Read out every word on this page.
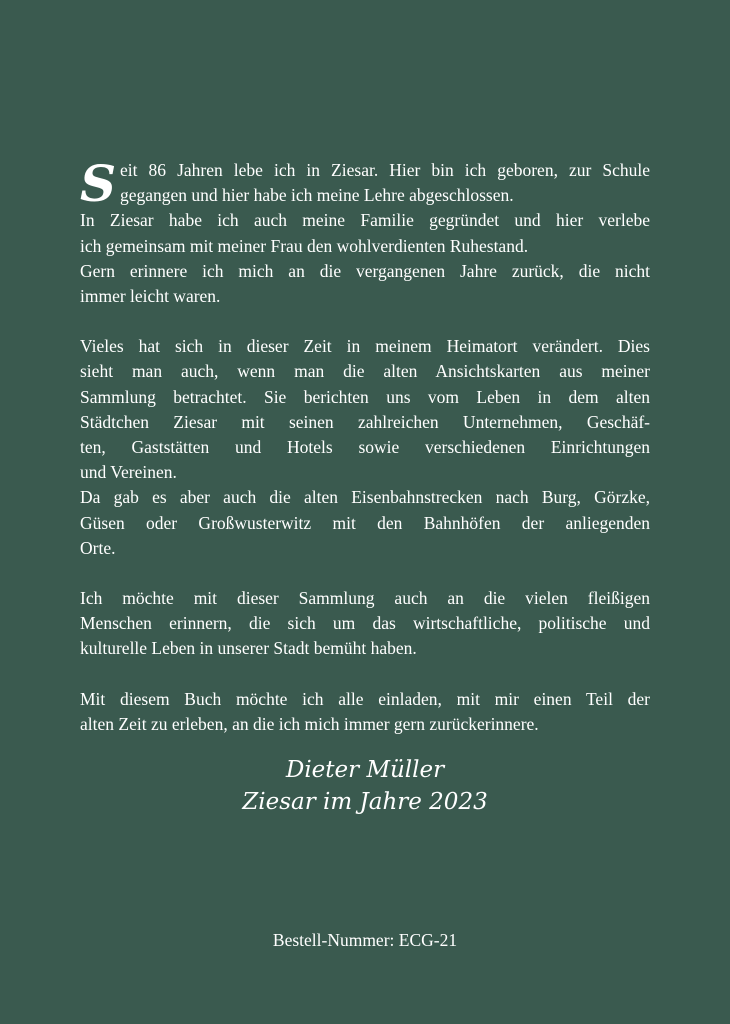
S eit 86 Jahren lebe ich in Ziesar. Hier bin ich geboren, zur Schule
gegangen und hier habe ich meine Lehre abgeschlossen.
In Ziesar habe ich auch meine Familie gegründet und hier verlebe
ich gemeinsam mit meiner Frau den wohlverdienten Ruhestand.
Gern erinnere ich mich an die vergangenen Jahre zurück, die nicht
immer leicht waren.
Vieles hat sich in dieser Zeit in meinem Heimatort verändert. Dies
sieht man auch, wenn man die alten Ansichtskarten aus meiner
Sammlung betrachtet. Sie berichten uns vom Leben in dem alten
Städtchen Ziesar mit seinen zahlreichen Unternehmen, Geschäf-
ten, Gaststätten und Hotels sowie verschiedenen Einrichtungen
und Vereinen.
Da gab es aber auch die alten Eisenbahnstrecken nach Burg, Görzke,
Güsen oder Großwusterwitz mit den Bahnhöfen der anliegenden
Orte.
Ich möchte mit dieser Sammlung auch an die vielen fleißigen
Menschen erinnern, die sich um das wirtschaftliche, politische und
kulturelle Leben in unserer Stadt bemüht haben.
Mit diesem Buch möchte ich alle einladen, mit mir einen Teil der
alten Zeit zu erleben, an die ich mich immer gern zurückerinnere.
Dieter Müller
Ziesar im Jahre 2023
Bestell-Nummer: ECG-21
